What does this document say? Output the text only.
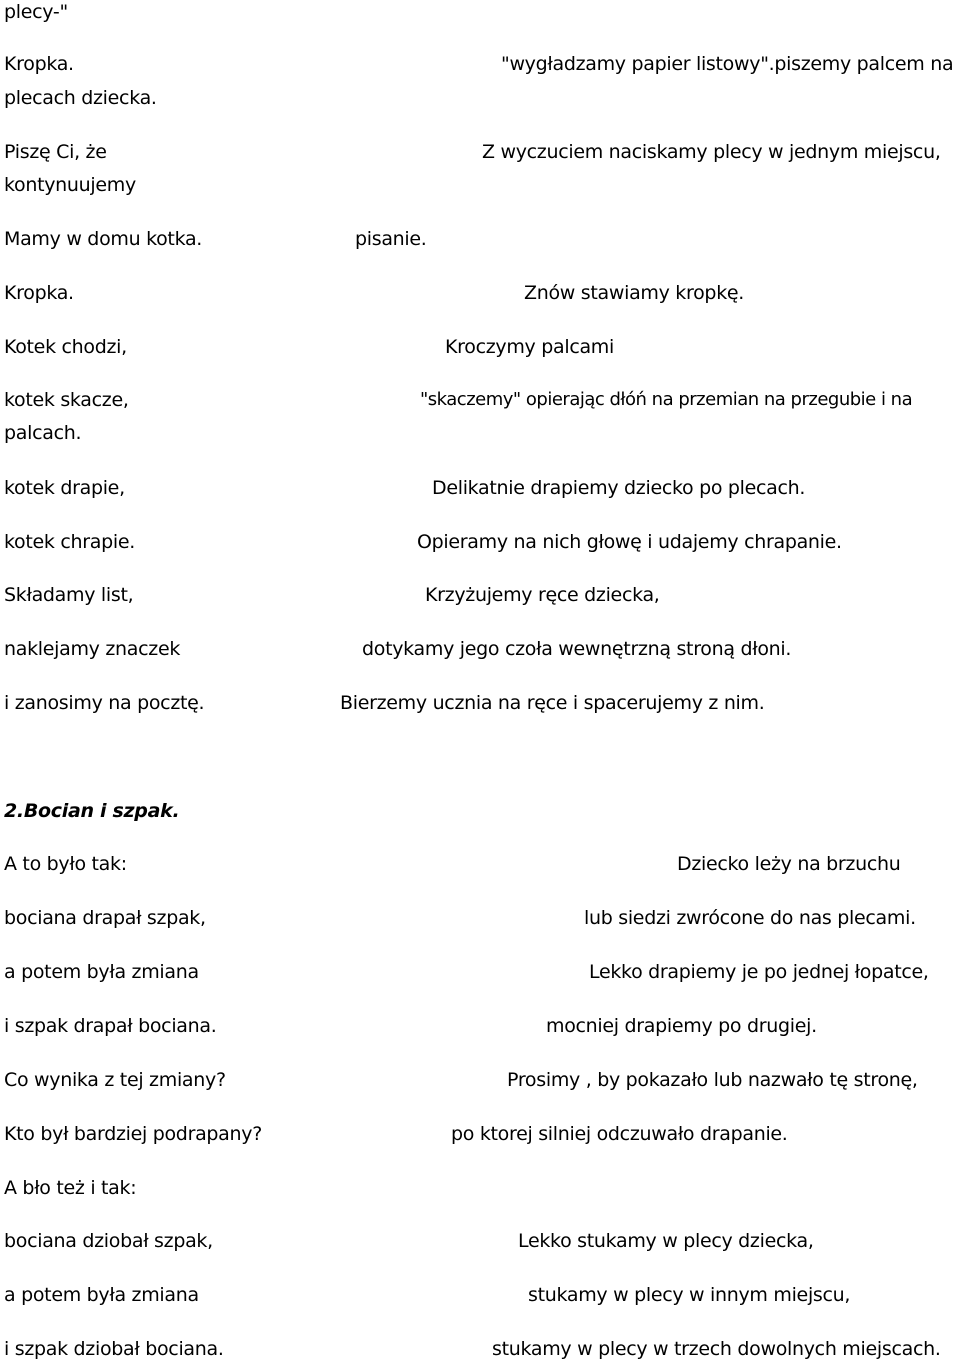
plecy-"
Kropka.	"wygładzamy papier listowy".piszemy palcem na
plecach dziecka.
Piszę Ci, że	Z wyczuciem naciskamy plecy w jednym miejscu,
kontynuujemy
Mamy w domu kotka.	pisanie.
Kropka.	Znów stawiamy kropkę.
Kotek chodzi,	Kroczymy palcami
kotek skacze,	"skaczemy" opierając dłóń na przemian na przegubie i na
palcach.
kotek drapie,	Delikatnie drapiemy dziecko po plecach.
kotek chrapie.	Opieramy na nich głowę i udajemy chrapanie.
Składamy list,	Krzyżujemy ręce dziecka,
naklejamy znaczek	dotykamy jego czoła wewnętrzną stroną dłoni.
i zanosimy na pocztę.	Bierzemy ucznia na ręce i spacerujemy z nim.
2.Bocian i szpak.
A to było tak:	Dziecko leży na brzuchu
bociana drapał szpak,	lub siedzi zwrócone do nas plecami.
a potem była zmiana	Lekko drapiemy je po jednej łopatce,
i szpak drapał bociana.	mocniej drapiemy po drugiej.
Co wynika z tej zmiany?	Prosimy , by pokazało lub nazwało tę stronę,
Kto był bardziej podrapany?	po ktorej silniej odczuwało drapanie.
A bło też i tak:
bociana dziobał szpak,	Lekko stukamy w plecy dziecka,
a potem była zmiana	stukamy w plecy w innym miejscu,
i szpak dziobał bociana.	stukamy w plecy w trzech dowolnych miejscach.
